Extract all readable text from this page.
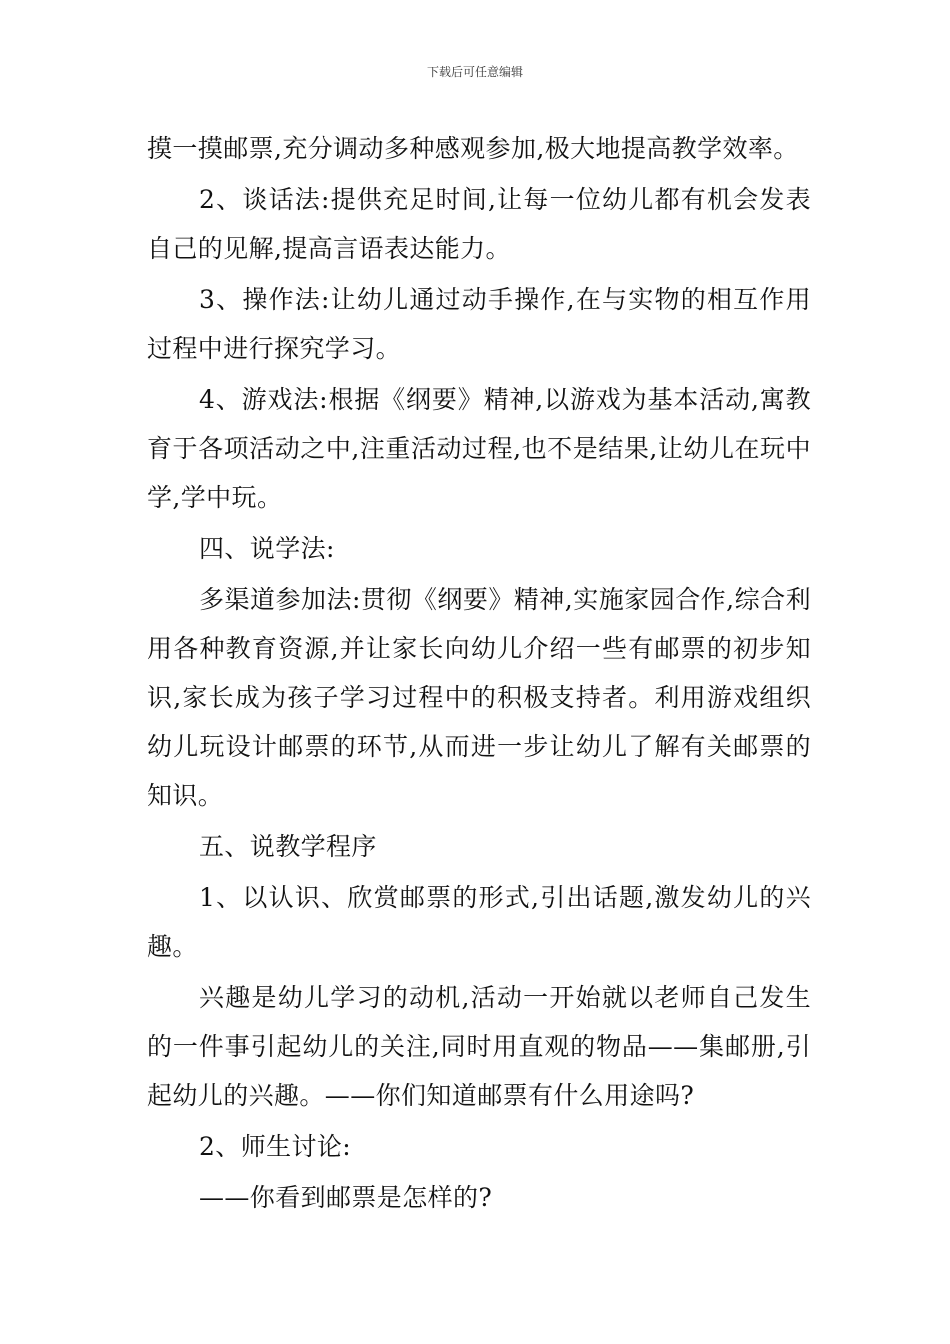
下载后可任意编辑

摸一摸邮票,充分调动多种感观参加,极大地提高教学效率。

2、谈话法:提供充足时间,让每一位幼儿都有机会发表自己的见解,提高言语表达能力。

3、操作法:让幼儿通过动手操作,在与实物的相互作用过程中进行探究学习。

4、游戏法:根据《纲要》精神,以游戏为基本活动,寓教育于各项活动之中,注重活动过程,也不是结果,让幼儿在玩中学,学中玩。

四、说学法:

多渠道参加法:贯彻《纲要》精神,实施家园合作,综合利用各种教育资源,并让家长向幼儿介绍一些有邮票的初步知识,家长成为孩子学习过程中的积极支持者。利用游戏组织幼儿玩设计邮票的环节,从而进一步让幼儿了解有关邮票的知识。

五、说教学程序

1、以认识、欣赏邮票的形式,引出话题,激发幼儿的兴趣。

兴趣是幼儿学习的动机,活动一开始就以老师自己发生的一件事引起幼儿的关注,同时用直观的物品——集邮册,引起幼儿的兴趣。——你们知道邮票有什么用途吗?

2、师生讨论:

——你看到邮票是怎样的?
